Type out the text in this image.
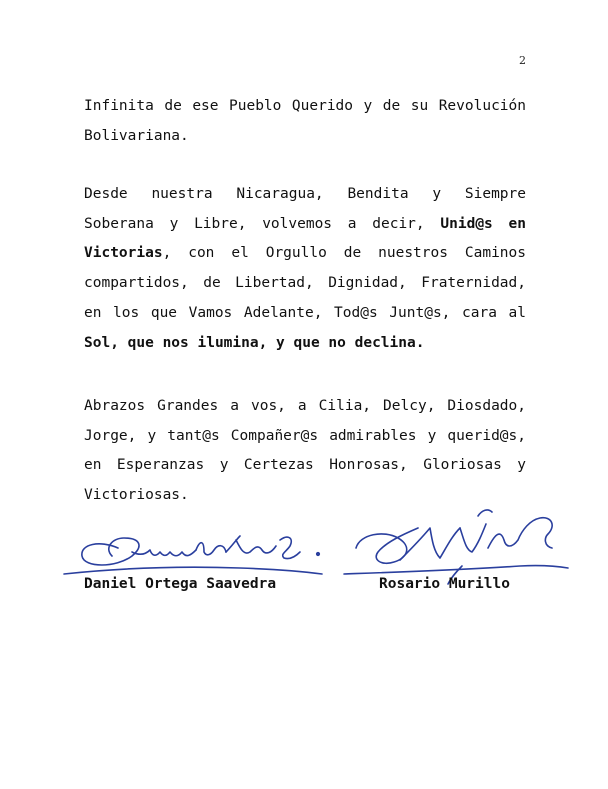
2

Infinita de ese Pueblo Querido y de su Revolución Bolivariana.

Desde nuestra Nicaragua, Bendita y Siempre Soberana y Libre, volvemos a decir, Unid@s en Victorias, con el Orgullo de nuestros Caminos compartidos, de Libertad, Dignidad, Fraternidad, en los que Vamos Adelante, Tod@s Junt@s, cara al Sol, que nos ilumina, y que no declina.

Abrazos Grandes a vos, a Cilia, Delcy, Diosdado, Jorge, y tant@s Compañer@s admirables y querid@s, en Esperanzas y Certezas Honrosas, Gloriosas y Victoriosas.

Daniel Ortega Saavedra	Rosario Murillo
